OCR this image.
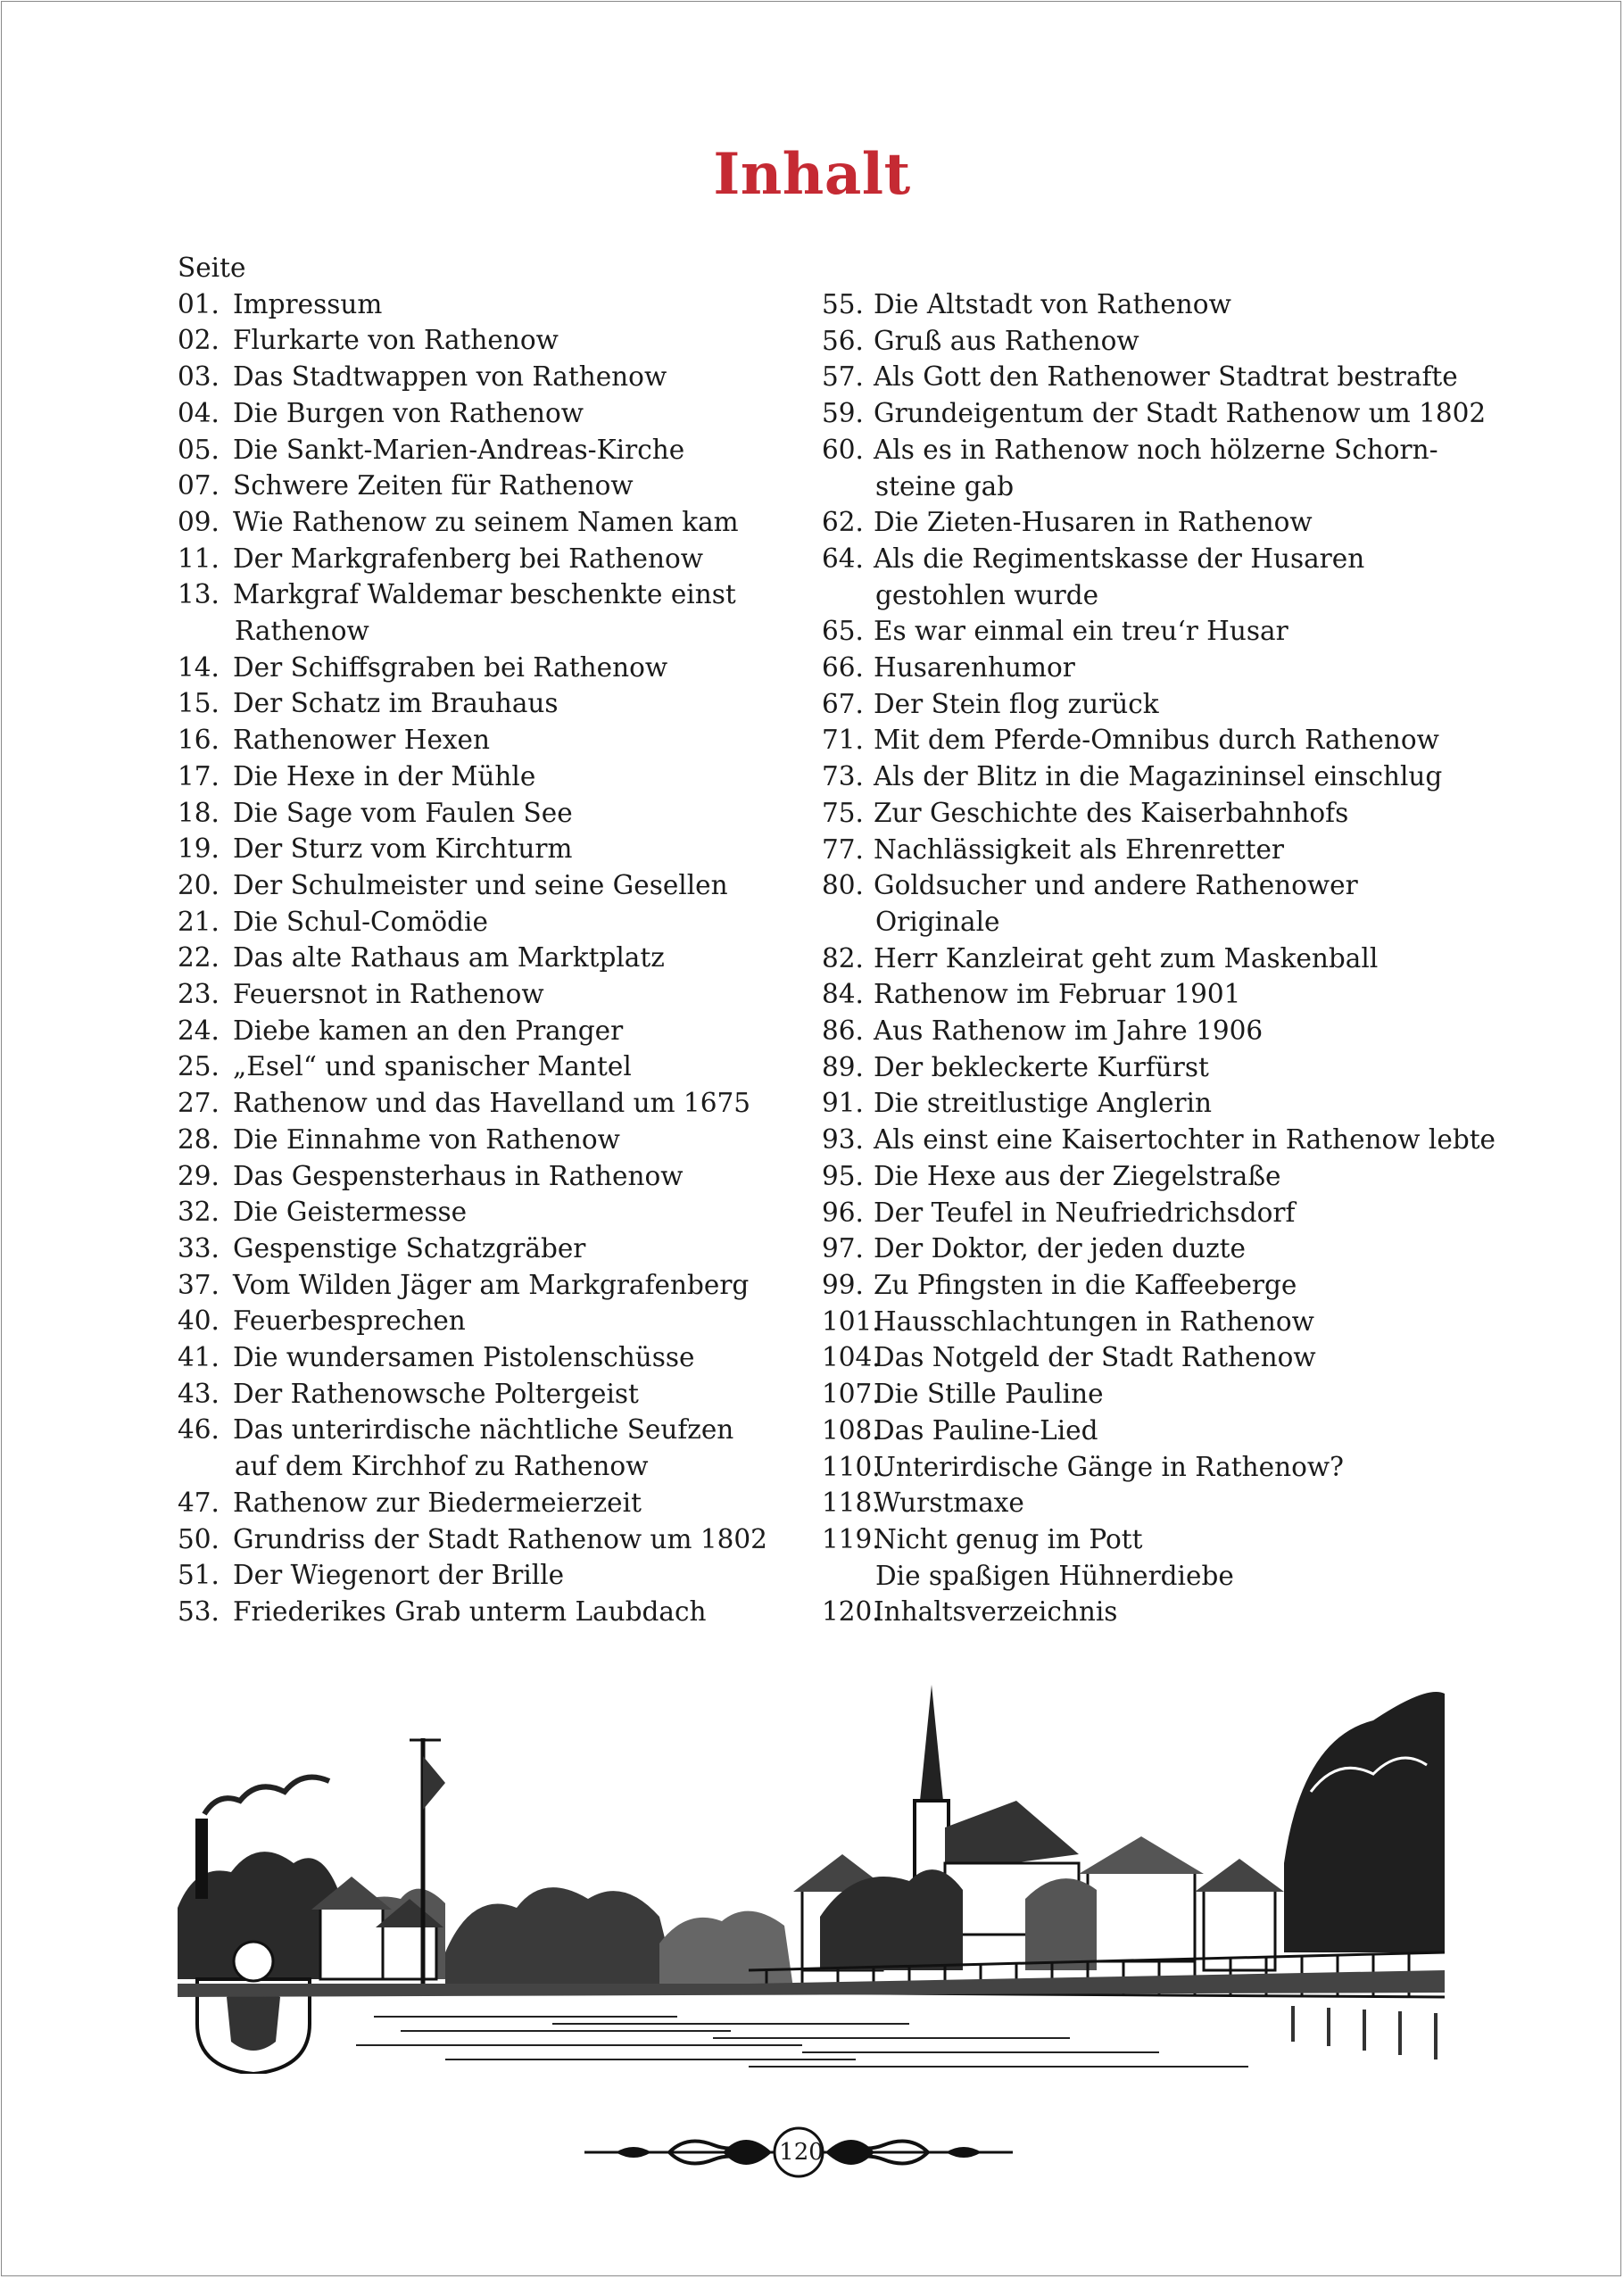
Inhalt
Seite
01. Impressum
02. Flurkarte von Rathenow
03. Das Stadtwappen von Rathenow
04. Die Burgen von Rathenow
05. Die Sankt-Marien-Andreas-Kirche
07. Schwere Zeiten für Rathenow
09. Wie Rathenow zu seinem Namen kam
11. Der Markgrafenberg bei Rathenow
13. Markgraf Waldemar beschenkte einst
Rathenow
14. Der Schiffsgraben bei Rathenow
15. Der Schatz im Brauhaus
16. Rathenower Hexen
17. Die Hexe in der Mühle
18. Die Sage vom Faulen See
19. Der Sturz vom Kirchturm
20. Der Schulmeister und seine Gesellen
21. Die Schul-Comödie
22. Das alte Rathaus am Marktplatz
23. Feuersnot in Rathenow
24. Diebe kamen an den Pranger
25. „Esel“ und spanischer Mantel
27. Rathenow und das Havelland um 1675
28. Die Einnahme von Rathenow
29. Das Gespensterhaus in Rathenow
32. Die Geistermesse
33. Gespenstige Schatzgräber
37. Vom Wilden Jäger am Markgrafenberg
40. Feuerbesprechen
41. Die wundersamen Pistolenschüsse
43. Der Rathenowsche Poltergeist
46. Das unterirdische nächtliche Seufzen
auf dem Kirchhof zu Rathenow
47. Rathenow zur Biedermeierzeit
50. Grundriss der Stadt Rathenow um 1802
51. Der Wiegenort der Brille
53. Friederikes Grab unterm Laubdach
55. Die Altstadt von Rathenow
56. Gruß aus Rathenow
57. Als Gott den Rathenower Stadtrat bestrafte
59. Grundeigentum der Stadt Rathenow um 1802
60. Als es in Rathenow noch hölzerne Schorn-
steine gab
62. Die Zieten-Husaren in Rathenow
64. Als die Regimentskasse der Husaren
gestohlen wurde
65. Es war einmal ein treu‘r Husar
66. Husarenhumor
67. Der Stein flog zurück
71. Mit dem Pferde-Omnibus durch Rathenow
73. Als der Blitz in die Magazininsel einschlug
75. Zur Geschichte des Kaiserbahnhofs
77. Nachlässigkeit als Ehrenretter
80. Goldsucher und andere Rathenower
Originale
82. Herr Kanzleirat geht zum Maskenball
84. Rathenow im Februar 1901
86. Aus Rathenow im Jahre 1906
89. Der bekleckerte Kurfürst
91. Die streitlustige Anglerin
93. Als einst eine Kaisertochter in Rathenow lebte
95. Die Hexe aus der Ziegelstraße
96. Der Teufel in Neufriedrichsdorf
97. Der Doktor, der jeden duzte
99. Zu Pfingsten in die Kaffeeberge
101.
Hausschlachtungen in Rathenow
104.
Das Notgeld der Stadt Rathenow
107.
Die Stille Pauline
108.
Das Pauline-Lied
110.
Unterirdische Gänge in Rathenow?
118.
Wurstmaxe
119.
Nicht genug im Pott
Die spaßigen Hühnerdiebe
120.
Inhaltsverzeichnis
120
